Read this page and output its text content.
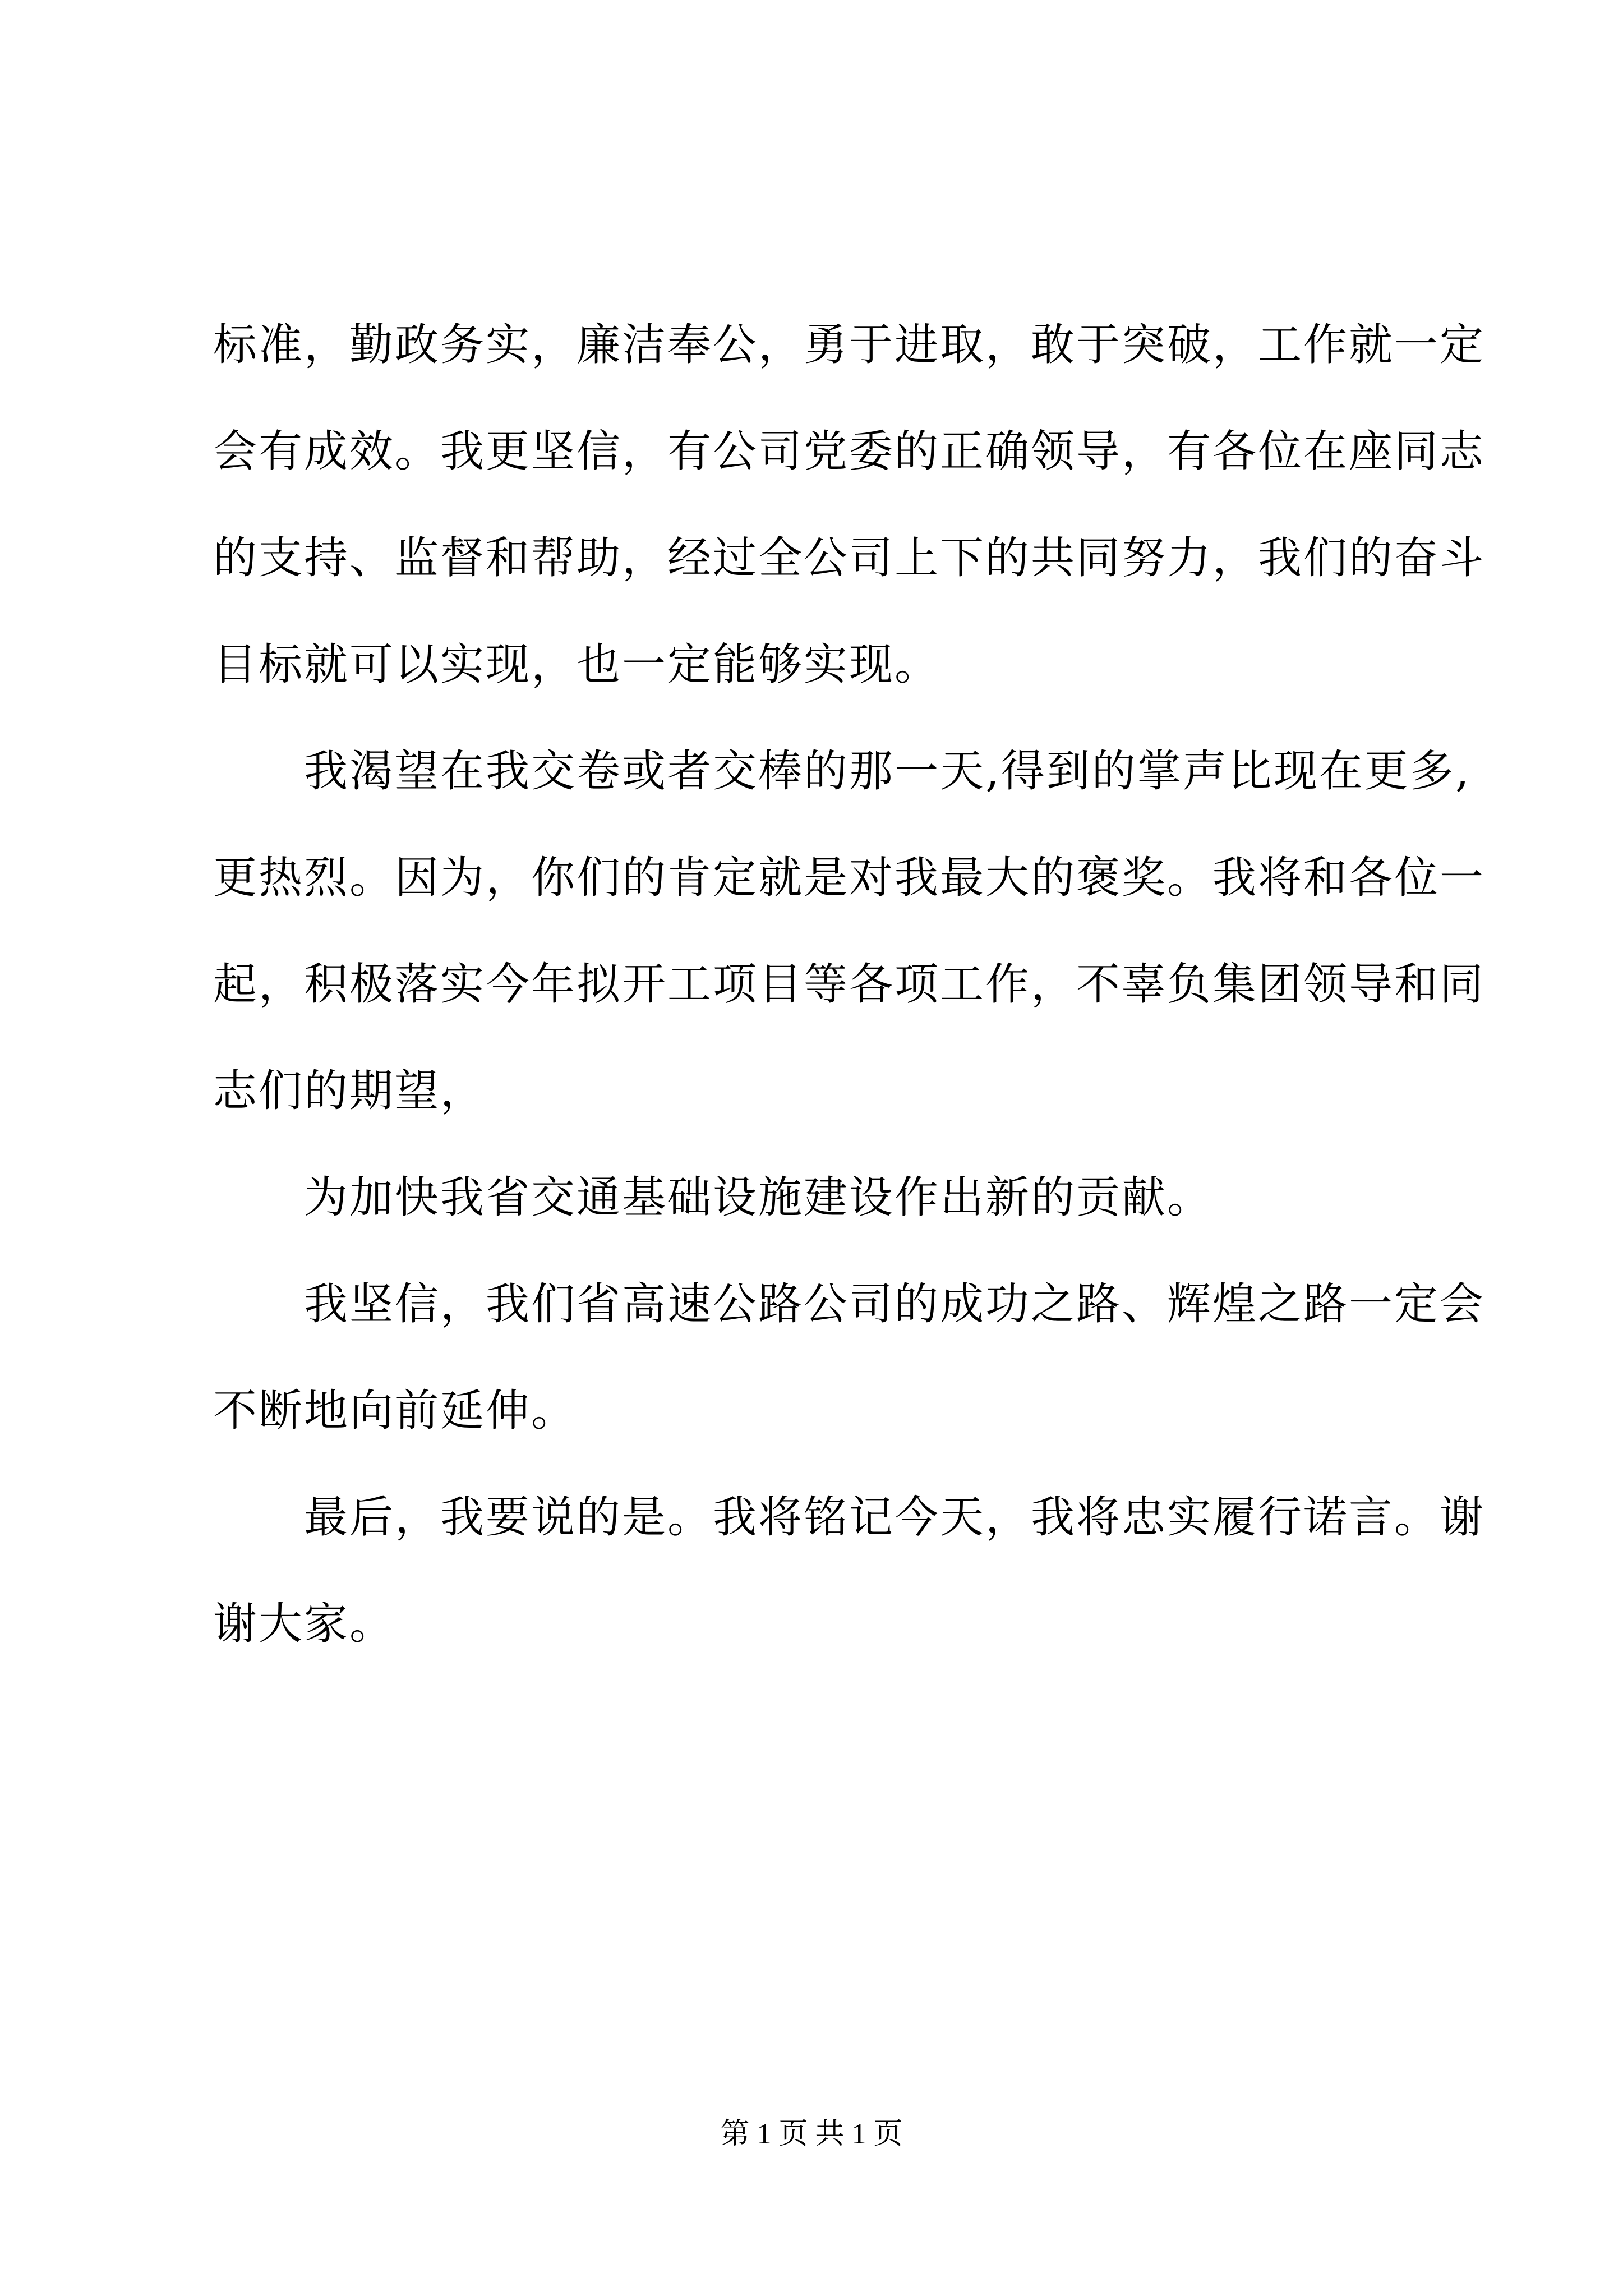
标准，勤政务实，廉洁奉公，勇于进取，敢于突破，工作就一定
会有成效。我更坚信，有公司党委的正确领导，有各位在座同志
的支持、监督和帮助，经过全公司上下的共同努力，我们的奋斗
目标就可以实现，也一定能够实现。
我渴望在我交卷或者交棒的那一天,得到的掌声比现在更多,
更热烈。因为，你们的肯定就是对我最大的褒奖。我将和各位一
起，积极落实今年拟开工项目等各项工作，不辜负集团领导和同
志们的期望，
为加快我省交通基础设施建设作出新的贡献。
我坚信，我们省高速公路公司的成功之路、辉煌之路一定会
不断地向前延伸。
最后，我要说的是。我将铭记今天，我将忠实履行诺言。谢
谢大家。
第 1 页 共 1 页
